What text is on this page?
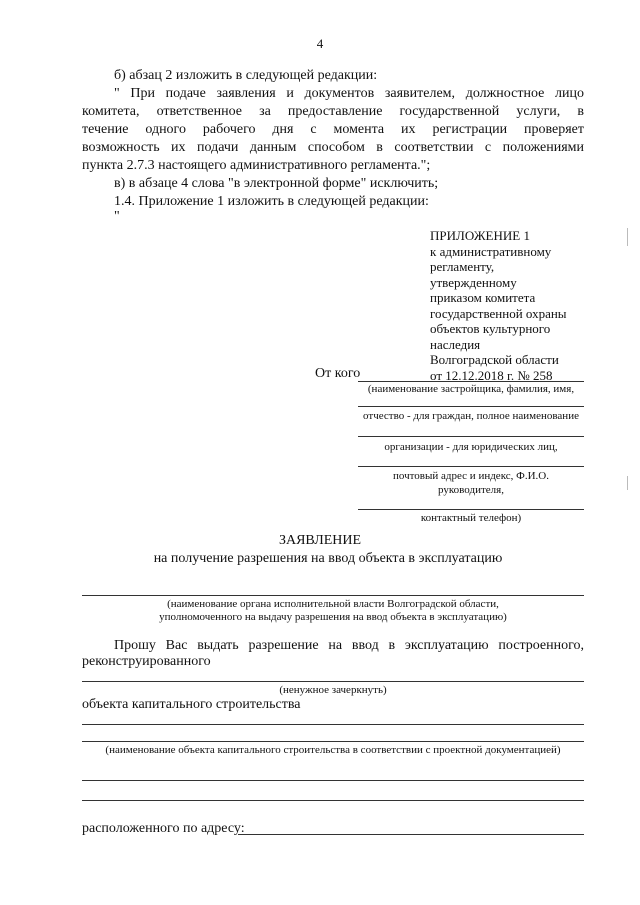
4
б) абзац 2 изложить в следующей редакции:
" При подаче заявления и документов заявителем, должностное лицо
комитета, ответственное за предоставление государственной услуги, в
течение одного рабочего дня с момента их регистрации проверяет
возможность их подачи данным способом в соответствии с положениями
пункта 2.7.3 настоящего административного регламента.";
в) в абзаце 4 слова "в электронной форме" исключить;
1.4. Приложение 1 изложить в следующей редакции:
"
ПРИЛОЖЕНИЕ 1
к административному
регламенту,
утвержденному
приказом комитета
государственной охраны
объектов культурного
наследия
Волгоградской области
от 12.12.2018 г. № 258
От кого
(наименование застройщика, фамилия, имя,
отчество - для граждан, полное наименование
организации - для юридических лиц,
почтовый адрес и индекс, Ф.И.О.
руководителя,
контактный телефон)
ЗАЯВЛЕНИЕ
на получение разрешения на ввод объекта в эксплуатацию
(наименование органа исполнительной власти Волгоградской области,
уполномоченного на выдачу разрешения на ввод объекта в эксплуатацию)
Прошу Вас выдать разрешение на ввод в эксплуатацию построенного,
реконструированного
(ненужное зачеркнуть)
объекта капитального строительства
(наименование объекта капитального строительства в соответствии с проектной документацией)
расположенного по адресу:
